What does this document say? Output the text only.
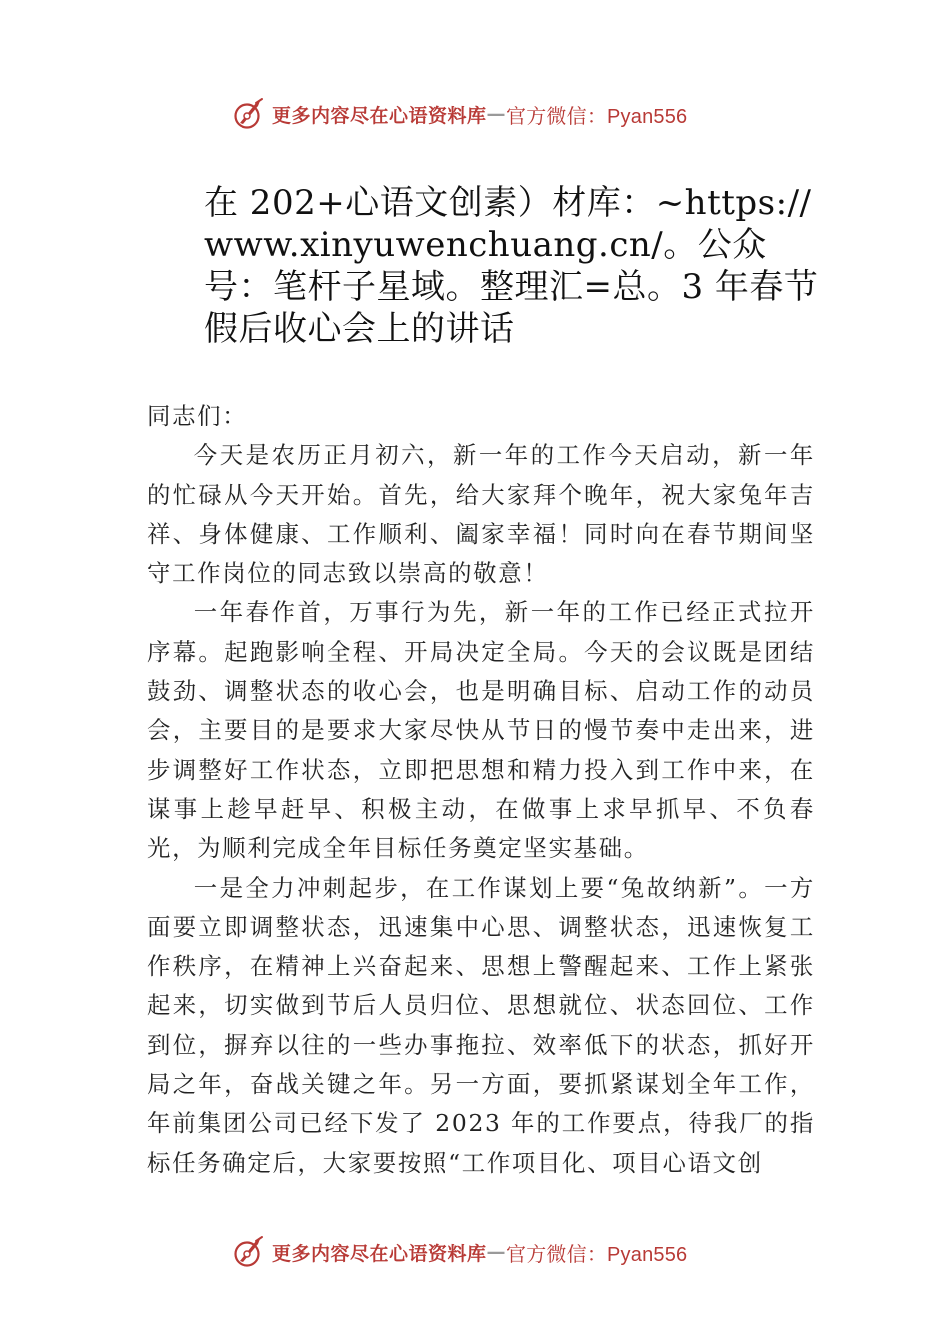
更多内容尽在心语资料库 — 官方微信：Pyan556
在 202+心语文创素）材库：~https://www.xinyuwenchuang.cn/。公众号：笔杆子星域。整理汇=总。3 年春节假后收心会上的讲话

同志们：

今天是农历正月初六，新一年的工作今天启动，新一年的忙碌从今天开始。首先，给大家拜个晚年，祝大家兔年吉祥、身体健康、工作顺利、阖家幸福！同时向在春节期间坚守工作岗位的同志致以崇高的敬意！

一年春作首，万事行为先，新一年的工作已经正式拉开序幕。起跑影响全程、开局决定全局。今天的会议既是团结鼓劲、调整状态的收心会，也是明确目标、启动工作的动员会，主要目的是要求大家尽快从节日的慢节奏中走出来，进步调整好工作状态，立即把思想和精力投入到工作中来，在谋事上趁早赶早、积极主动，在做事上求早抓早、不负春光，为顺利完成全年目标任务奠定坚实基础。

一是全力冲刺起步，在工作谋划上要“兔故纳新”。一方面要立即调整状态，迅速集中心思、调整状态，迅速恢复工作秩序，在精神上兴奋起来、思想上警醒起来、工作上紧张起来，切实做到节后人员归位、思想就位、状态回位、工作到位，摒弃以往的一些办事拖拉、效率低下的状态，抓好开局之年，奋战关键之年。另一方面，要抓紧谋划全年工作， 年前集团公司已经下发了 2023 年的工作要点，待我厂的指标任务确定后，大家要按照“工作项目化、项目心语文创

更多内容尽在心语资料库 — 官方微信：Pyan556
